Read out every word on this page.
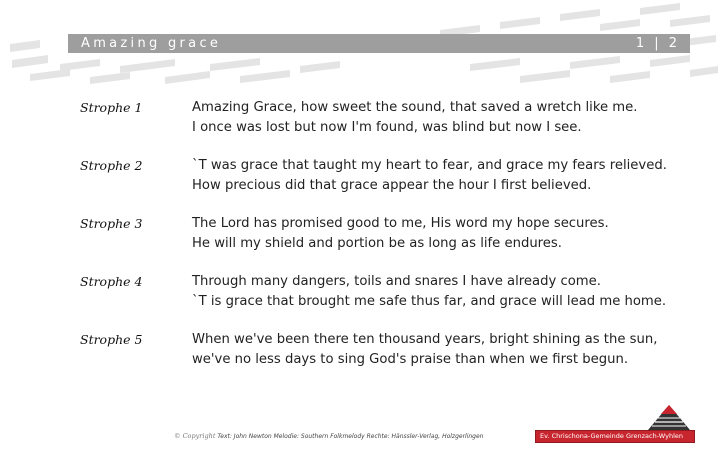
Amazing grace	1 | 2
Strophe 1	Amazing Grace, how sweet the sound, that saved a wretch like me.
I once was lost but now I'm found, was blind but now I see.
Strophe 2	`T was grace that taught my heart to fear, and grace my fears relieved.
How precious did that grace appear the hour I first believed.
Strophe 3	The Lord has promised good to me, His word my hope secures.
He will my shield and portion be as long as life endures.
Strophe 4	Through many dangers, toils and snares I have already come.
`T is grace that brought me safe thus far, and grace will lead me home.
Strophe 5	When we've been there ten thousand years, bright shining as the sun,
we've no less days to sing God's praise than when we first begun.
© Copyright Text: John Newton Melodie: Southern Folkmelody Rechte: Hänssler-Verlag, Holzgerlingen	Ev. Chrischona-Gemeinde Grenzach-Wyhlen
